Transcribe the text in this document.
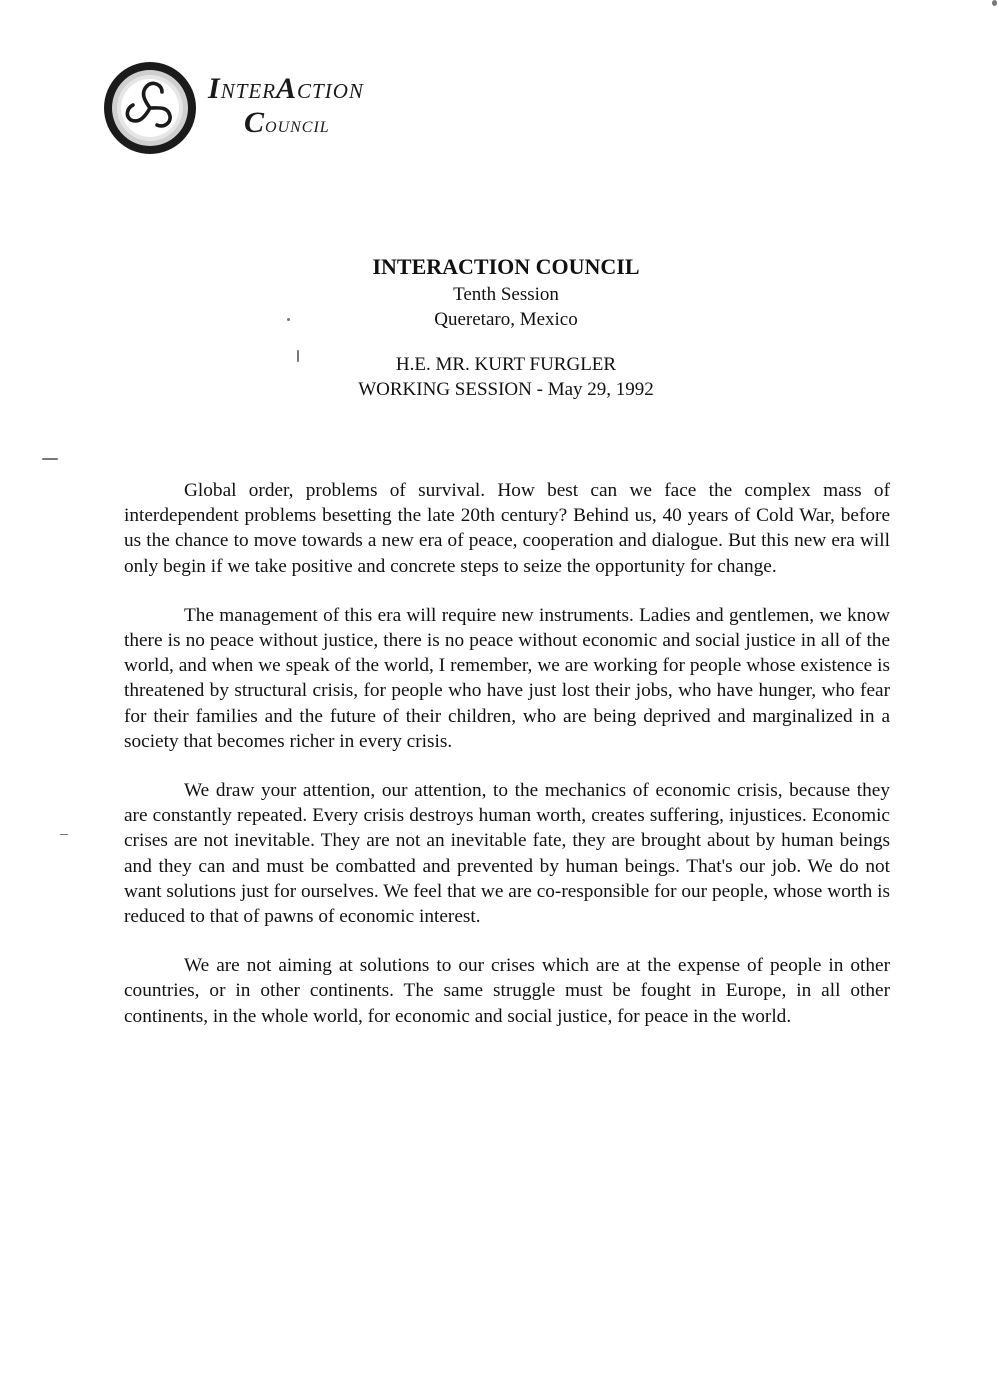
INTERACTION
COUNCIL
INTERACTION COUNCIL
Tenth Session
Queretaro, Mexico
H.E. MR. KURT FURGLER
WORKING SESSION - May 29, 1992

Global order, problems of survival. How best can we face the complex mass of interdependent problems besetting the late 20th century? Behind us, 40 years of Cold War, before us the chance to move towards a new era of peace, cooperation and dialogue. But this new era will only begin if we take positive and concrete steps to seize the opportunity for change.

The management of this era will require new instruments. Ladies and gentlemen, we know there is no peace without justice, there is no peace without economic and social justice in all of the world, and when we speak of the world, I remember, we are working for people whose existence is threatened by structural crisis, for people who have just lost their jobs, who have hunger, who fear for their families and the future of their children, who are being deprived and marginalized in a society that becomes richer in every crisis.

We draw your attention, our attention, to the mechanics of economic crisis, because they are constantly repeated. Every crisis destroys human worth, creates suffering, injustices. Economic crises are not inevitable. They are not an inevitable fate, they are brought about by human beings and they can and must be combatted and prevented by human beings. That's our job. We do not want solutions just for ourselves. We feel that we are co-responsible for our people, whose worth is reduced to that of pawns of economic interest.

We are not aiming at solutions to our crises which are at the expense of people in other countries, or in other continents. The same struggle must be fought in Europe, in all other continents, in the whole world, for economic and social justice, for peace in the world.
